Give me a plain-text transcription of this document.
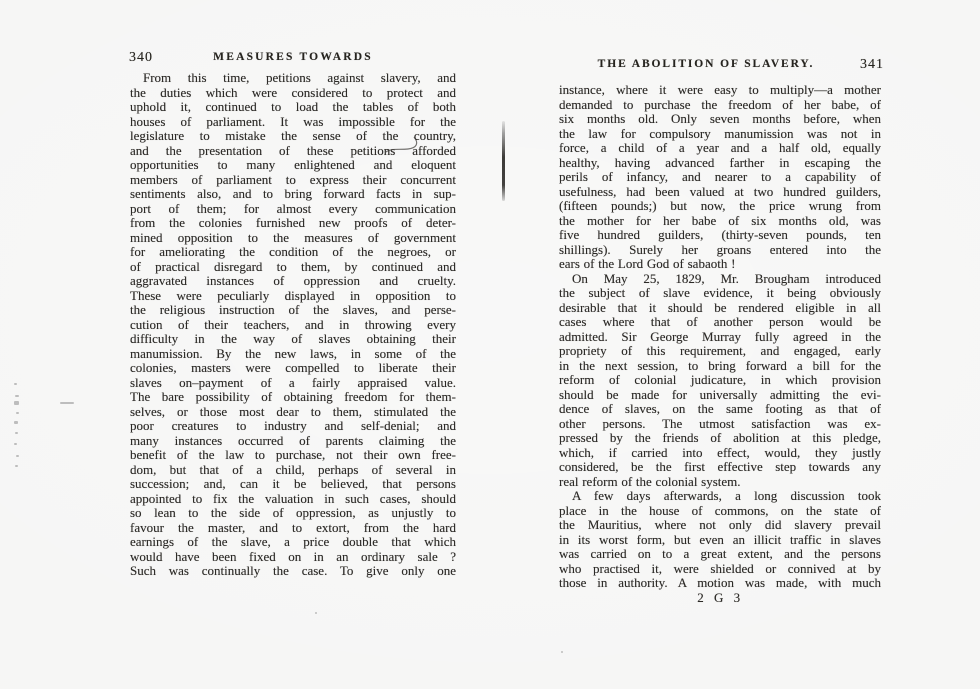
340	MEASURES TOWARDS
From this time, petitions against slavery, and
the duties which were considered to protect and
uphold it, continued to load the tables of both
houses of parliament. It was impossible for the
legislature to mistake the sense of the country,
and the presentation of these petitions afforded
opportunities to many enlightened and eloquent
members of parliament to express their concurrent
sentiments also, and to bring forward facts in sup-
port of them; for almost every communication
from the colonies furnished new proofs of deter-
mined opposition to the measures of government
for ameliorating the condition of the negroes, or
of practical disregard to them, by continued and
aggravated instances of oppression and cruelty.
These were peculiarly displayed in opposition to
the religious instruction of the slaves, and perse-
cution of their teachers, and in throwing every
difficulty in the way of slaves obtaining their
manumission. By the new laws, in some of the
colonies, masters were compelled to liberate their
slaves on–payment of a fairly appraised value.
The bare possibility of obtaining freedom for them-
selves, or those most dear to them, stimulated the
poor creatures to industry and self-denial; and
many instances occurred of parents claiming the
benefit of the law to purchase, not their own free-
dom, but that of a child, perhaps of several in
succession; and, can it be believed, that persons
appointed to fix the valuation in such cases, should
so lean to the side of oppression, as unjustly to
favour the master, and to extort, from the hard
earnings of the slave, a price double that which
would have been fixed on in an ordinary sale ?
Such was continually the case. To give only one
THE ABOLITION OF SLAVERY.	341
instance, where it were easy to multiply—a mother
demanded to purchase the freedom of her babe, of
six months old. Only seven months before, when
the law for compulsory manumission was not in
force, a child of a year and a half old, equally
healthy, having advanced farther in escaping the
perils of infancy, and nearer to a capability of
usefulness, had been valued at two hundred guilders,
(fifteen pounds;) but now, the price wrung from
the mother for her babe of six months old, was
five hundred guilders, (thirty-seven pounds, ten
shillings). Surely her groans entered into the
ears of the Lord God of sabaoth !
On May 25, 1829, Mr. Brougham introduced
the subject of slave evidence, it being obviously
desirable that it should be rendered eligible in all
cases where that of another person would be
admitted. Sir George Murray fully agreed in the
propriety of this requirement, and engaged, early
in the next session, to bring forward a bill for the
reform of colonial judicature, in which provision
should be made for universally admitting the evi-
dence of slaves, on the same footing as that of
other persons. The utmost satisfaction was ex-
pressed by the friends of abolition at this pledge,
which, if carried into effect, would, they justly
considered, be the first effective step towards any
real reform of the colonial system.
A few days afterwards, a long discussion took
place in the house of commons, on the state of
the Mauritius, where not only did slavery prevail
in its worst form, but even an illicit traffic in slaves
was carried on to a great extent, and the persons
who practised it, were shielded or connived at by
those in authority. A motion was made, with much
2 G 3
